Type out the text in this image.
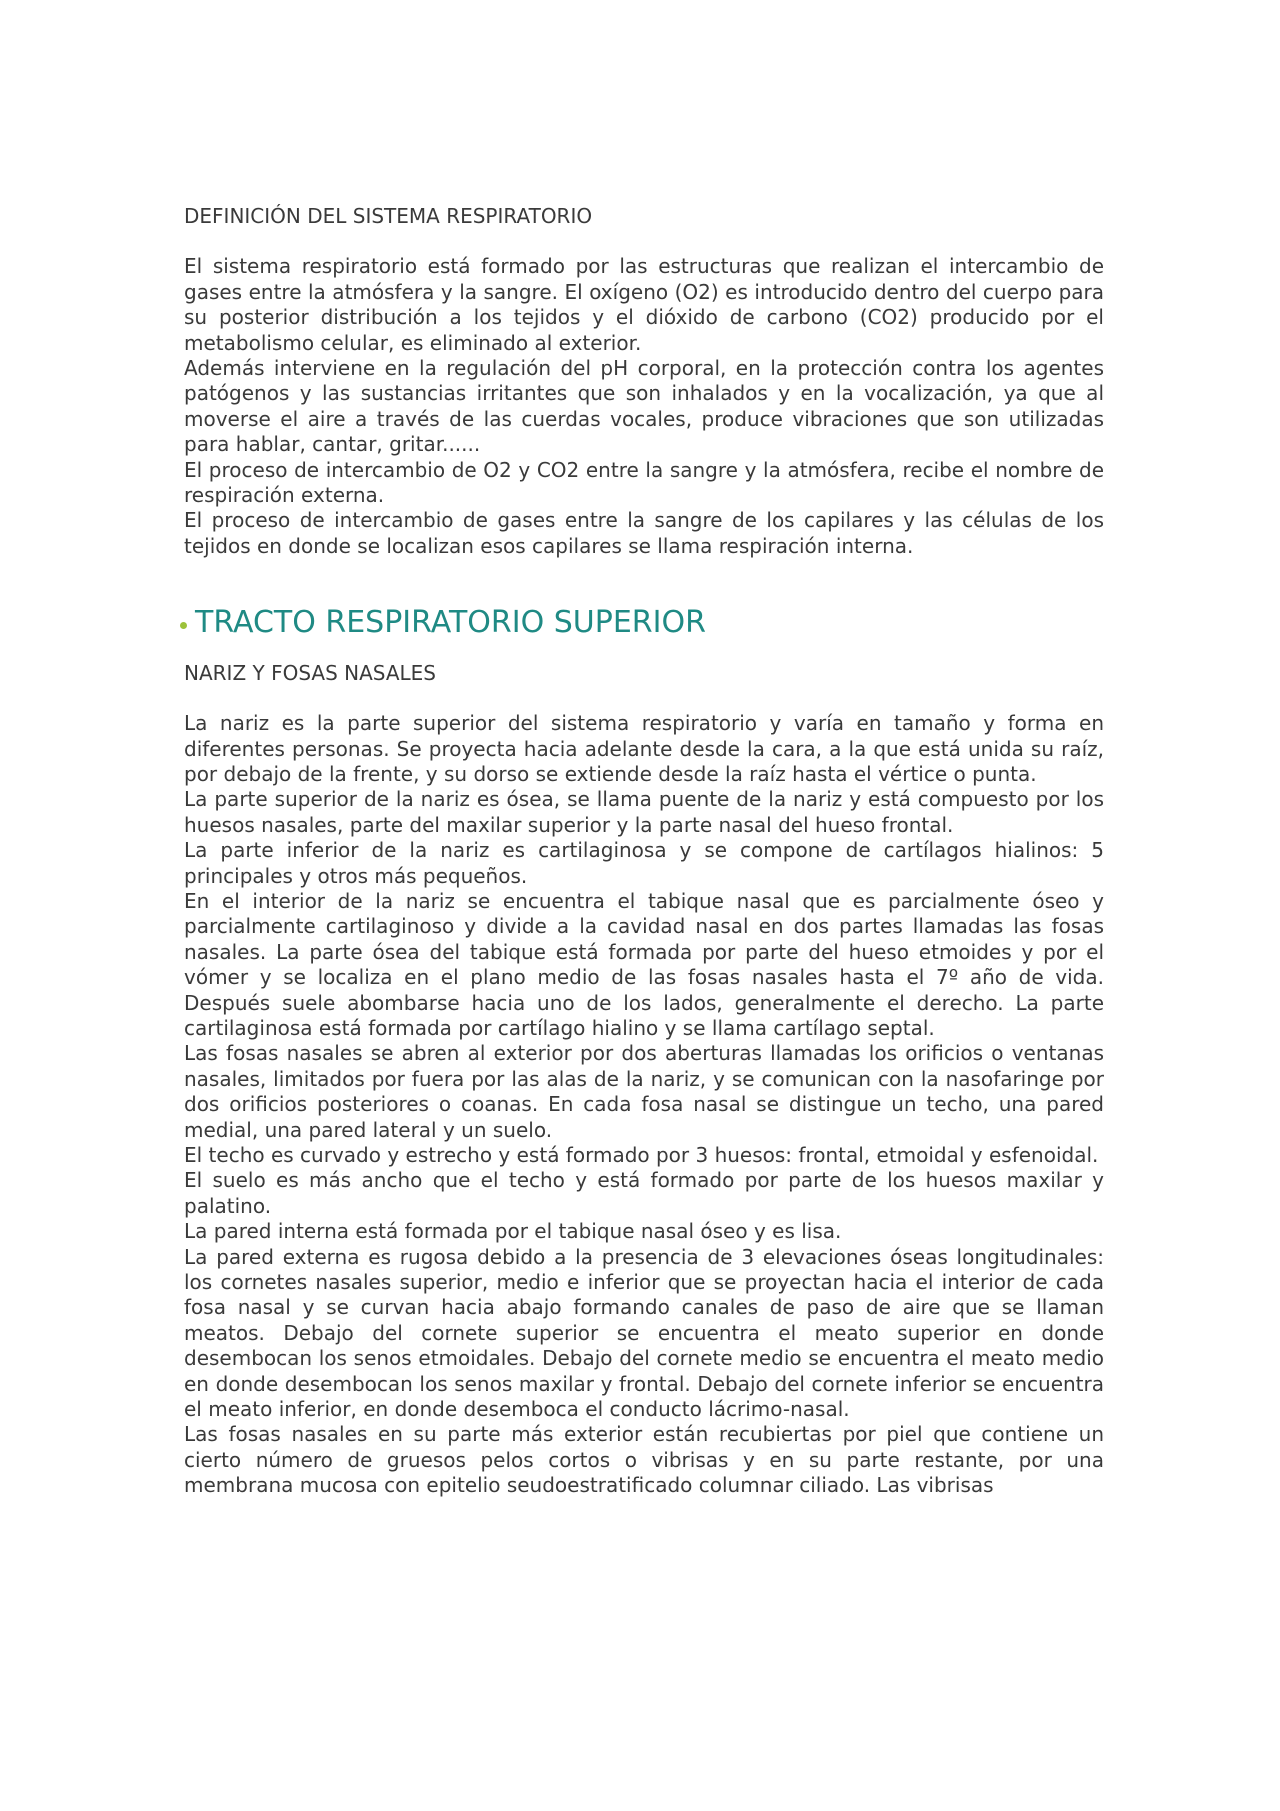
DEFINICIÓN DEL SISTEMA RESPIRATORIO

El sistema respiratorio está formado por las estructuras que realizan el intercambio de gases entre la atmósfera y la sangre. El oxígeno (O2) es introducido dentro del cuerpo para su posterior distribución a los tejidos y el dióxido de carbono (CO2) producido por el metabolismo celular, es eliminado al exterior.

Además interviene en la regulación del pH corporal, en la protección contra los agentes patógenos y las sustancias irritantes que son inhalados y en la vocalización, ya que al moverse el aire a través de las cuerdas vocales, produce vibraciones que son utilizadas para hablar, cantar, gritar......

El proceso de intercambio de O2 y CO2 entre la sangre y la atmósfera, recibe el nombre de respiración externa.

El proceso de intercambio de gases entre la sangre de los capilares y las células de los tejidos en donde se localizan esos capilares se llama respiración interna.

TRACTO RESPIRATORIO SUPERIOR
NARIZ Y FOSAS NASALES

La nariz es la parte superior del sistema respiratorio y varía en tamaño y forma en diferentes personas. Se proyecta hacia adelante desde la cara, a la que está unida su raíz, por debajo de la frente, y su dorso se extiende desde la raíz hasta el vértice o punta.

La parte superior de la nariz es ósea, se llama puente de la nariz y está compuesto por los huesos nasales, parte del maxilar superior y la parte nasal del hueso frontal.

La parte inferior de la nariz es cartilaginosa y se compone de cartílagos hialinos: 5 principales y otros más pequeños.

En el interior de la nariz se encuentra el tabique nasal que es parcialmente óseo y parcialmente cartilaginoso y divide a la cavidad nasal en dos partes llamadas las fosas nasales. La parte ósea del tabique está formada por parte del hueso etmoides y por el vómer y se localiza en el plano medio de las fosas nasales hasta el 7º año de vida. Después suele abombarse hacia uno de los lados, generalmente el derecho. La parte cartilaginosa está formada por cartílago hialino y se llama cartílago septal.

Las fosas nasales se abren al exterior por dos aberturas llamadas los orificios o ventanas nasales, limitados por fuera por las alas de la nariz, y se comunican con la nasofaringe por dos orificios posteriores o coanas. En cada fosa nasal se distingue un techo, una pared medial, una pared lateral y un suelo.

El techo es curvado y estrecho y está formado por 3 huesos: frontal, etmoidal y esfenoidal.

El suelo es más ancho que el techo y está formado por parte de los huesos maxilar y palatino.

La pared interna está formada por el tabique nasal óseo y es lisa.

La pared externa es rugosa debido a la presencia de 3 elevaciones óseas longitudinales: los cornetes nasales superior, medio e inferior que se proyectan hacia el interior de cada fosa nasal y se curvan hacia abajo formando canales de paso de aire que se llaman meatos. Debajo del cornete superior se encuentra el meato superior en donde desembocan los senos etmoidales. Debajo del cornete medio se encuentra el meato medio en donde desembocan los senos maxilar y frontal. Debajo del cornete inferior se encuentra el meato inferior, en donde desemboca el conducto lácrimo-nasal.

Las fosas nasales en su parte más exterior están recubiertas por piel que contiene un cierto número de gruesos pelos cortos o vibrisas y en su parte restante, por una membrana mucosa con epitelio seudoestratificado columnar ciliado. Las vibrisas
